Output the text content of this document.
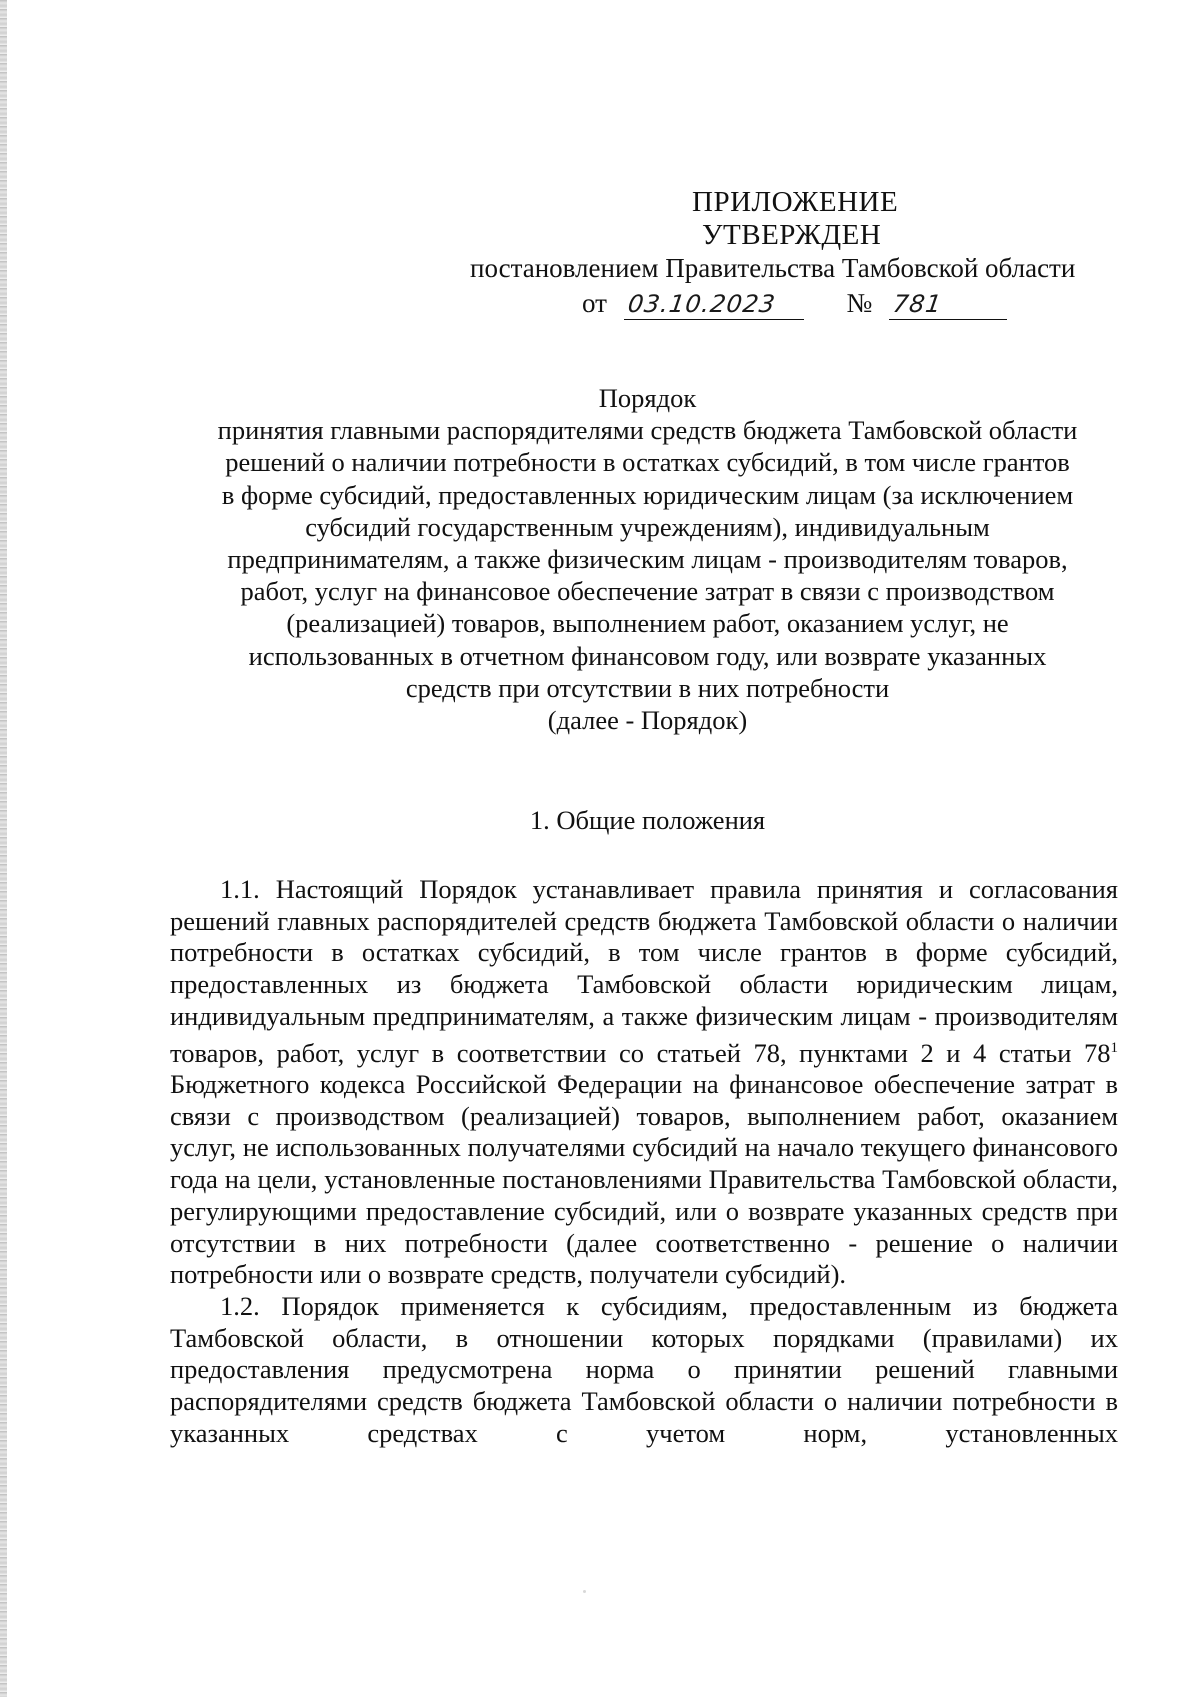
ПРИЛОЖЕНИЕ
УТВЕРЖДЕН
постановлением Правительства Тамбовской области
от 03.10.2023	№ 781
Порядок
принятия главными распорядителями средств бюджета Тамбовской области
решений о наличии потребности в остатках субсидий, в том числе грантов
в форме субсидий, предоставленных юридическим лицам (за исключением
субсидий государственным учреждениям), индивидуальным
предпринимателям, а также физическим лицам - производителям товаров,
работ, услуг на финансовое обеспечение затрат в связи с производством
(реализацией) товаров, выполнением работ, оказанием услуг, не
использованных в отчетном финансовом году, или возврате указанных
средств при отсутствии в них потребности
(далее - Порядок)
1. Общие положения

1.1. Настоящий Порядок устанавливает правила принятия и согласования решений главных распорядителей средств бюджета Тамбовской области о наличии потребности в остатках субсидий, в том числе грантов в форме субсидий, предоставленных из бюджета Тамбовской области юридическим лицам, индивидуальным предпринимателям, а также физическим лицам - производителям товаров, работ, услуг в соответствии со статьей 78, пунктами 2 и 4 статьи $78^1$ Бюджетного кодекса Российской Федерации на финансовое обеспечение затрат в связи с производством (реализацией) товаров, выполнением работ, оказанием услуг, не использованных получателями субсидий на начало текущего финансового года на цели, установленные постановлениями Правительства Тамбовской области, регулирующими предоставление субсидий, или о возврате указанных средств при отсутствии в них потребности (далее соответственно - решение о наличии потребности или о возврате средств, получатели субсидий).

1.2. Порядок применяется к субсидиям, предоставленным из бюджета Тамбовской области, в отношении которых порядками (правилами) их предоставления предусмотрена норма о принятии решений главными распорядителями средств бюджета Тамбовской области о наличии потребности в указанных средствах с учетом норм, установленных
